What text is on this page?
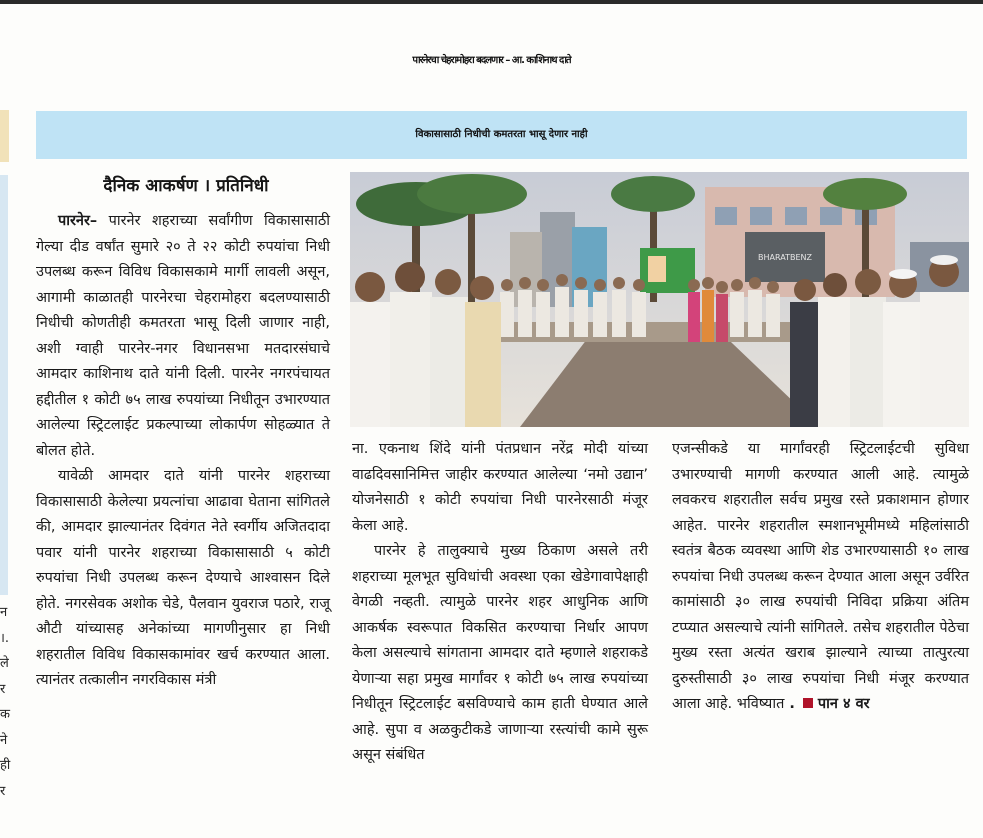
न
।.
ले
र
क
ने
ही
र
पारनेरचा चेहरामोहरा बदलणार – आ. काशिनाथ दाते
विकासासाठी निधीची कमतरता भासू देणार नाही
दैनिक आकर्षण । प्रतिनिधी

पारनेर– पारनेर शहराच्या सर्वांगीण विकासासाठी गेल्या दीड वर्षांत सुमारे २० ते २२ कोटी रुपयांचा निधी उपलब्ध करून विविध विकासकामे मार्गी लावली असून, आगामी काळातही पारनेरचा चेहरामोहरा बदलण्यासाठी निधीची कोणतीही कमतरता भासू दिली जाणार नाही, अशी ग्वाही पारनेर-नगर विधानसभा मतदारसंघाचे आमदार काशिनाथ दाते यांनी दिली. पारनेर नगरपंचायत हद्दीतील १ कोटी ७५ लाख रुपयांच्या निधीतून उभारण्यात आलेल्या स्ट्रिटलाईट प्रकल्पाच्या लोकार्पण सोहळ्यात ते बोलत होते.

यावेळी आमदार दाते यांनी पारनेर शहराच्या विकासासाठी केलेल्या प्रयत्नांचा आढावा घेताना सांगितले की, आमदार झाल्यानंतर दिवंगत नेते स्वर्गीय अजितदादा पवार यांनी पारनेर शहराच्या विकासासाठी ५ कोटी रुपयांचा निधी उपलब्ध करून देण्याचे आश्वासन दिले होते. नगरसेवक अशोक चेडे, पैलवान युवराज पठारे, राजू औटी यांच्यासह अनेकांच्या मागणीनुसार हा निधी शहरातील विविध विकासकामांवर खर्च करण्यात आला. त्यानंतर तत्कालीन नगरविकास मंत्री

BHARATBENZ

ना. एकनाथ शिंदे यांनी पंतप्रधान नरेंद्र मोदी यांच्या वाढदिवसानिमित्त जाहीर करण्यात आलेल्या ‘नमो उद्यान’ योजनेसाठी १ कोटी रुपयांचा निधी पारनेरसाठी मंजूर केला आहे.

पारनेर हे तालुक्याचे मुख्य ठिकाण असले तरी शहराच्या मूलभूत सुविधांची अवस्था एका खेडेगावापेक्षाही वेगळी नव्हती. त्यामुळे पारनेर शहर आधुनिक आणि आकर्षक स्वरूपात विकसित करण्याचा निर्धार आपण केला असल्याचे सांगताना आमदार दाते म्हणाले शहराकडे येणाऱ्या सहा प्रमुख मार्गांवर १ कोटी ७५ लाख रुपयांच्या निधीतून स्ट्रिटलाईट बसविण्याचे काम हाती घेण्यात आले आहे. सुपा व अळकुटीकडे जाणाऱ्या रस्त्यांची कामे सुरू असून संबंधित

एजन्सीकडे या मार्गांवरही स्ट्रिटलाईटची सुविधा उभारण्याची मागणी करण्यात आली आहे. त्यामुळे लवकरच शहरातील सर्वच प्रमुख रस्ते प्रकाशमान होणार आहेत. पारनेर शहरातील स्मशानभूमीमध्ये महिलांसाठी स्वतंत्र बैठक व्यवस्था आणि शेड उभारण्यासाठी १० लाख रुपयांचा निधी उपलब्ध करून देण्यात आला असून उर्वरित कामांसाठी ३० लाख रुपयांची निविदा प्रक्रिया अंतिम टप्प्यात असल्याचे त्यांनी सांगितले. तसेच शहरातील पेठेचा मुख्य रस्ता अत्यंत खराब झाल्याने त्याच्या तात्पुरत्या दुरुस्तीसाठी ३० लाख रुपयांचा निधी मंजूर करण्यात आला आहे. भविष्यात . पान ४ वर
